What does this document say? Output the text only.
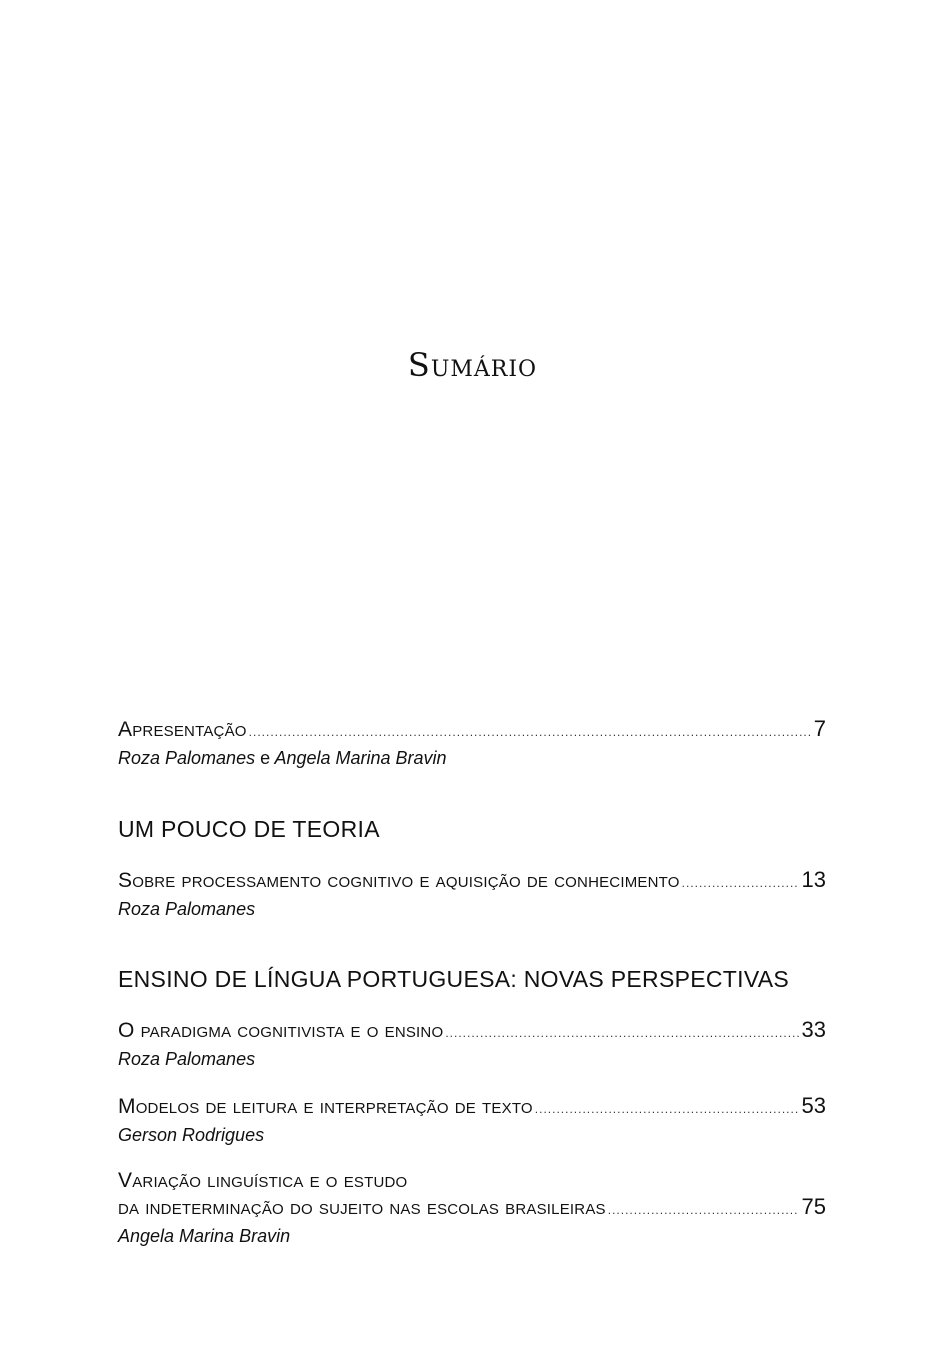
Sumário
Apresentação .....	7
Roza Palomanes e Angela Marina Bravin
UM POUCO DE TEORIA
Sobre processamento cognitivo e aquisição de conhecimento .....	13
Roza Palomanes
ENSINO DE LÍNGUA PORTUGUESA: NOVAS PERSPECTIVAS
O paradigma cognitivista e o ensino .....	33
Roza Palomanes
Modelos de leitura e interpretação de texto .....	53
Gerson Rodrigues
Variação linguística e o estudo
da indeterminação do sujeito nas escolas brasileiras .....	75
Angela Marina Bravin
